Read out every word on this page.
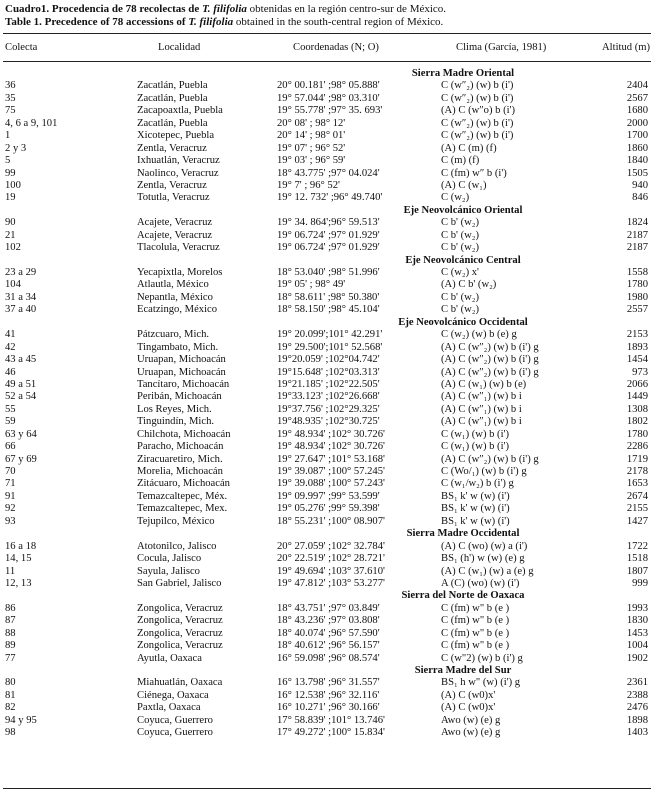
Cuadro1. Procedencia de 78 recolectas de T. filifolia obtenidas en la región centro-sur de México.
Table 1. Precedence of 78 accessions of T. filifolia obtained in the south-central region of México.
Colecta	Localidad	Coordenadas (N; O)	Clima (García, 1981)	Altitud (m)
Sierra Madre Oriental
36	Zacatlán, Puebla	20° 00.181' ;98° 05.888'	C (w″₂) (w) b (i')	2404
35	Zacatlán, Puebla	19° 57.044' ;98° 03.310'	C (w″₂) (w) b (i')	2567
75	Zacapoaxtla, Puebla	19° 55.778' ;97° 35. 693'	(A) C (w″o) b (i')	1680
4, 6 a 9, 101	Zacatlán, Puebla	20° 08' ; 98° 12'	C (w″₂) (w) b (i')	2000
1	Xicotepec, Puebla	20° 14' ; 98° 01'	C (w″₂) (w) b (i')	1700
2 y 3	Zentla, Veracruz	19° 07' ; 96° 52'	(A) C (m) (f)	1860
5	Ixhuatlán, Veracruz	19° 03' ; 96° 59'	C (m) (f)	1840
99	Naolinco, Veracruz	18° 43.775' ;97° 04.024'	C (fm) w″ b (i')	1505
100	Zentla, Veracruz	19° 7' ; 96° 52'	(A) C (w₁)	940
19	Totutla, Veracruz	19° 12. 732' ;96° 49.740'	C (w₂)	846
Eje Neovolcánico Oriental
90	Acajete, Veracruz	19° 34. 864';96° 59.513'	C b' (w₂)	1824
21	Acajete, Veracruz	19° 06.724' ;97° 01.929'	C b' (w₂)	2187
102	Tlacolula, Veracruz	19° 06.724' ;97° 01.929'	C b' (w₂)	2187
Eje Neovolcánico Central
23 a 29	Yecapixtla, Morelos	18° 53.040' ;98° 51.996'	C (w₂) x'	1558
104	Atlautla, México	19° 05' ; 98° 49'	(A) C b' (w₂)	1780
31 a 34	Nepantla, México	18° 58.611' ;98° 50.380'	C b' (w₂)	1980
37 a 40	Ecatzingo, México	18° 58.150' ;98° 45.104'	C b' (w₂)	2557
Eje Neovolcánico Occidental
41	Pátzcuaro, Mich.	19° 20.099';101° 42.291'	C (w₂) (w) b (e) g	2153
42	Tingambato, Mich.	19° 29.500';101° 52.568'	(A) C (w″₂) (w) b (i') g	1893
43 a 45	Uruapan, Michoacán	19°20.059' ;102°04.742'	(A) C (w″₂) (w) b (i') g	1454
46	Uruapan, Michoacán	19°15.648' ;102°03.313'	(A) C (w″₂) (w) b (i') g	973
49 a 51	Tancítaro, Michoacán	19°21.185' ;102°22.505'	(A) C (w₁) (w) b (e)	2066
52 a 54	Peribán, Michoacán	19°33.123' ;102°26.668'	(A) C (w″₁) (w) b i	1449
55	Los Reyes, Mich.	19°37.756' ;102°29.325'	(A) C (w″₁) (w) b i	1308
59	Tinguindín, Mich.	19°48.935' ;102°30.725'	(A) C (w″₁) (w) b i	1802
63 y 64	Chilchota, Michoacán	19° 48.934' ;102° 30.726'	C (w₁) (w) b (i')	1780
66	Paracho, Michoacán	19° 48.934' ;102° 30.726'	C (w₁) (w) b (i')	2286
67 y 69	Ziracuaretiro, Mich.	19° 27.647' ;101° 53.168'	(A) C (w″₂) (w) b (i') g	1719
70	Morelia, Michoacán	19° 39.087' ;100° 57.245'	C (Wo/₁) (w) b (i') g	2178
71	Zitácuaro, Michoacán	19° 39.088' ;100° 57.243'	C (w₁/w₂) b (i') g	1653
91	Temazcaltepec, Méx.	19° 09.997' ;99° 53.599'	BS₁ k' w (w) (i')	2674
92	Temazcaltepec, Mex.	19° 05.276' ;99° 59.398'	BS₁ k' w (w) (i')	2155
93	Tejupilco, México	18° 55.231' ;100° 08.907'	BS₁ k' w (w) (i')	1427
Sierra Madre Occidental
16 a 18	Atotonilco, Jalisco	20° 27.059' ;102° 32.784'	(A) C (wo) (w) a (i')	1722
14, 15	Cocula, Jalisco	20° 22.519' ;102° 28.721'	BS₁ (h') w (w) (e) g	1518
11	Sayula, Jalisco	19° 49.694' ;103° 37.610'	(A) C (w₁) (w) a (e) g	1807
12, 13	San Gabriel, Jalisco	19° 47.812' ;103° 53.277'	A (C) (wo) (w) (i')	999
Sierra del Norte de Oaxaca
86	Zongolica, Veracruz	18° 43.751' ;97° 03.849'	C (fm) w" b (e )	1993
87	Zongolica, Veracruz	18° 43.236' ;97° 03.808'	C (fm) w" b (e )	1830
88	Zongolica, Veracruz	18° 40.074' ;96° 57.590'	C (fm) w" b (e )	1453
89	Zongolica, Veracruz	18° 40.612' ;96° 56.157'	C (fm) w" b (e )	1004
77	Ayutla, Oaxaca	16° 59.098' ;96° 08.574'	C (w"2) (w) b (i') g	1902
Sierra Madre del Sur
80	Miahuatlán, Oaxaca	16° 13.798' ;96° 31.557'	BS₁ h w" (w) (i') g	2361
81	Ciénega, Oaxaca	16° 12.538' ;96° 32.116'	(A) C (w0)x'	2388
82	Paxtla, Oaxaca	16° 10.271' ;96° 30.166'	(A) C (w0)x'	2476
94 y 95	Coyuca, Guerrero	17° 58.839' ;101° 13.746'	Awo (w) (e) g	1898
98	Coyuca, Guerrero	17° 49.272' ;100° 15.834'	Awo (w) (e) g	1403
